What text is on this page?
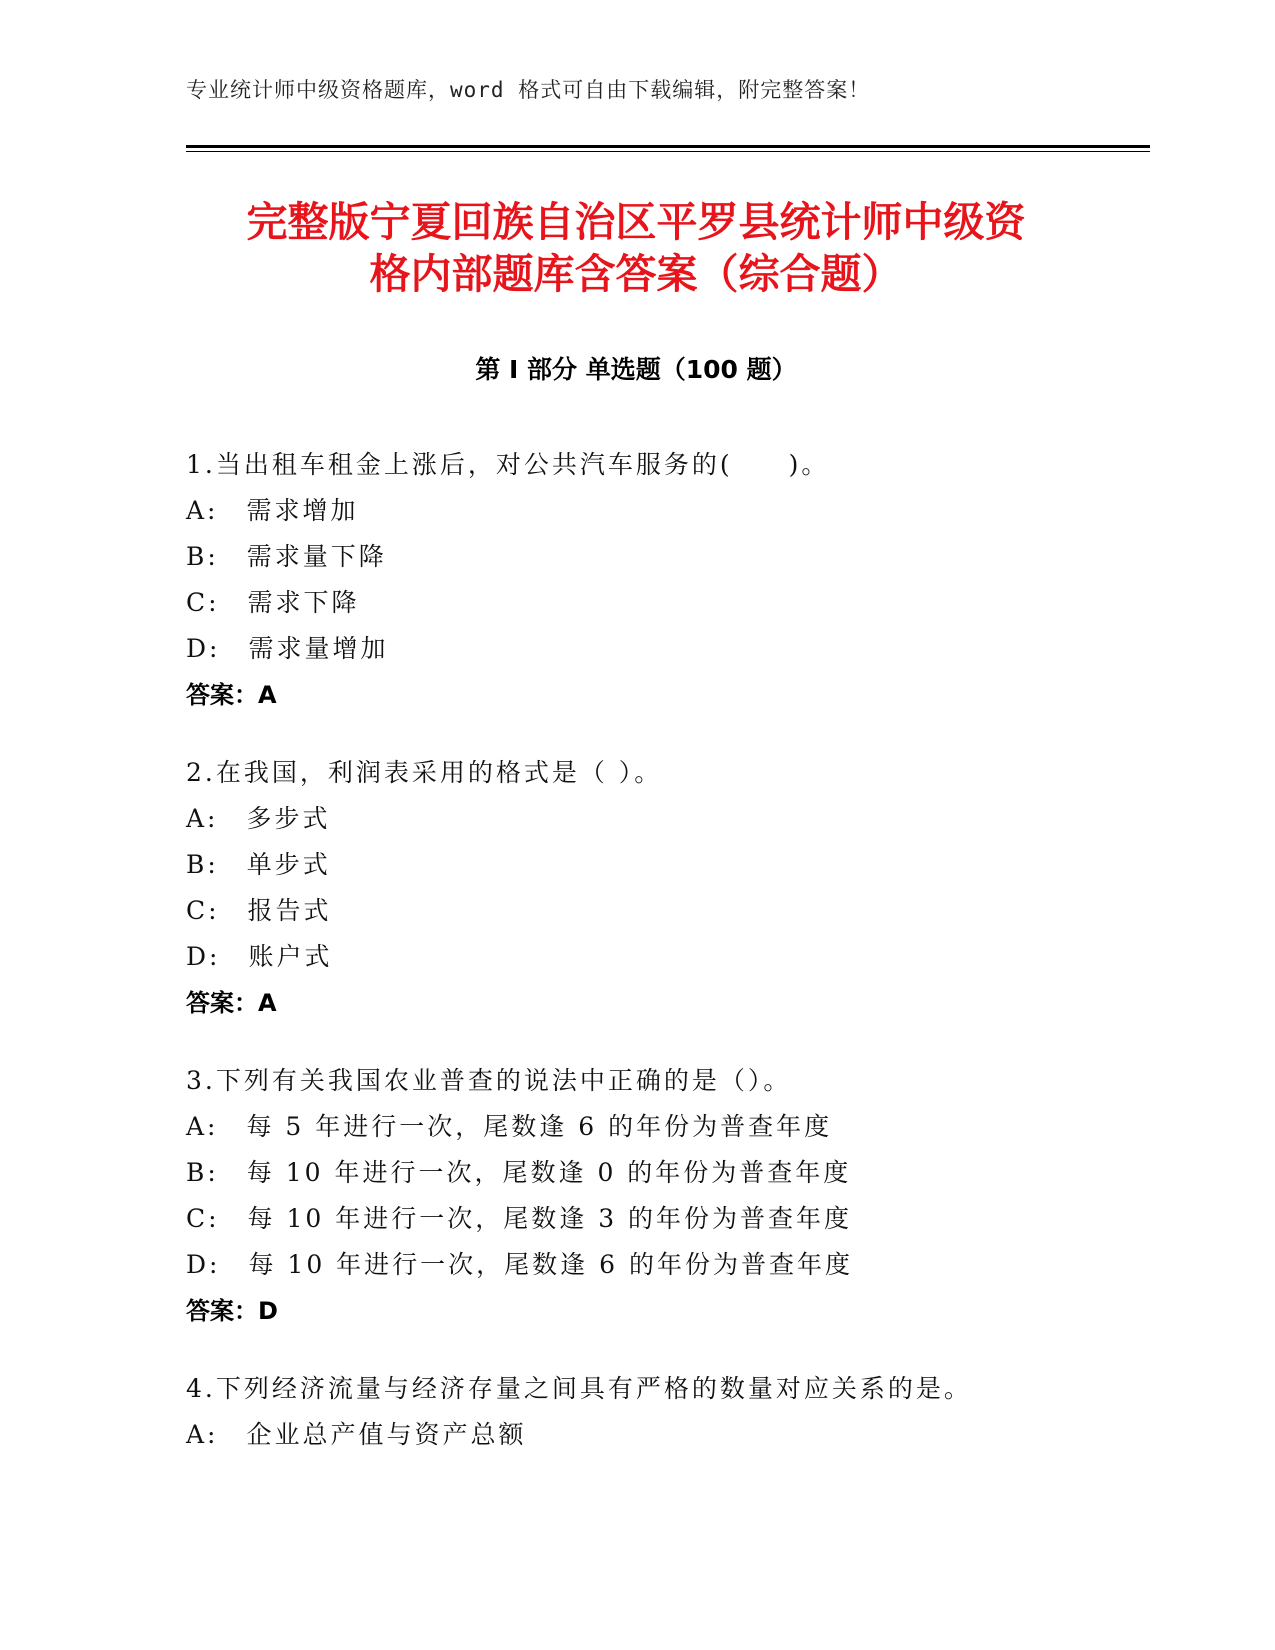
专业统计师中级资格题库，word 格式可自由下载编辑，附完整答案！
完整版宁夏回族自治区平罗县统计师中级资
格内部题库含答案（综合题）
第 I 部分 单选题（100 题）
1.当出租车租金上涨后，对公共汽车服务的(　　)。
A:　需求增加
B:　需求量下降
C:　需求下降
D:　需求量增加
答案：A
2.在我国，利润表采用的格式是（ ）。
A:　多步式
B:　单步式
C:　报告式
D:　账户式
答案：A
3.下列有关我国农业普查的说法中正确的是（）。
A:　每 5 年进行一次，尾数逢 6 的年份为普查年度
B:　每 10 年进行一次，尾数逢 0 的年份为普查年度
C:　每 10 年进行一次，尾数逢 3 的年份为普查年度
D:　每 10 年进行一次，尾数逢 6 的年份为普查年度
答案：D
4.下列经济流量与经济存量之间具有严格的数量对应关系的是。
A:　企业总产值与资产总额
